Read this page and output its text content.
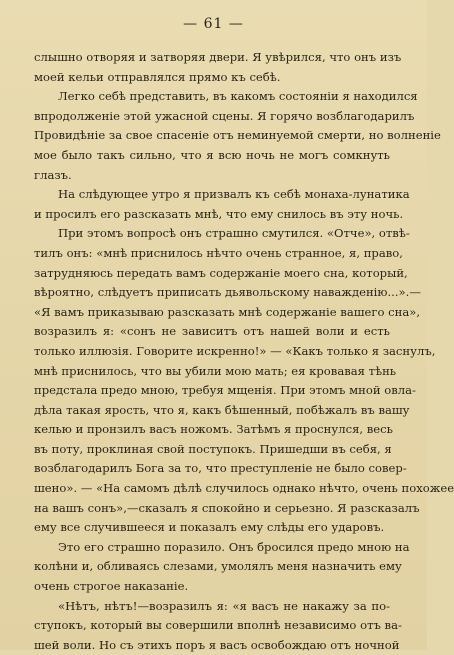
— 61 —
слышно отворяя и затворяя двери. Я увѣрился, что онъ изъ
моей кельи отправлялся прямо къ себѣ.
Легко себѣ представить, въ какомъ состояніи я находился
впродолженіе этой ужасной сцены. Я горячо возблагодарилъ
Провидѣніе за свое спасеніе отъ неминуемой смерти, но волненіе
мое было такъ сильно, что я всю ночь не могъ сомкнуть
глазъ.
На слѣдующее утро я призвалъ къ себѣ монаха-лунатика
и просилъ его разсказать мнѣ, что ему снилось въ эту ночь.
При этомъ вопросѣ онъ страшно смутился. «Отче», отвѣ-
тилъ онъ: «мнѣ приснилось нѣчто очень странное, я, право,
затрудняюсь передать вамъ содержаніе моего сна, который,
вѣроятно, слѣдуетъ приписать дьявольскому наважденію...».—
«Я вамъ приказываю разсказать мнѣ содержаніе вашего сна»,
возразилъ я: «сонъ не зависитъ отъ нашей воли и есть
только иллюзія. Говорите искренно!» — «Какъ только я заснулъ,
мнѣ приснилось, что вы убили мою мать; ея кровавая тѣнь
предстала предо мною, требуя мщенія. При этомъ мной овла-
дѣла такая ярость, что я, какъ бѣшенный, побѣжалъ въ вашу
келью и пронзилъ васъ ножомъ. Затѣмъ я проснулся, весь
въ поту, проклиная свой поступокъ. Пришедши въ себя, я
возблагодарилъ Бога за то, что преступленіе не было совер-
шено». — «На самомъ дѣлѣ случилось однако нѣчто, очень похожее
на вашъ сонъ»,—сказалъ я спокойно и серьезно. Я разсказалъ
ему все случившееся и показалъ ему слѣды его ударовъ.
Это его страшно поразило. Онъ бросился предо мною на
колѣни и, обливаясь слезами, умолялъ меня назначить ему
очень строгое наказаніе.
«Нѣтъ, нѣтъ!—возразилъ я: «я васъ не накажу за по-
ступокъ, который вы совершили вполнѣ независимо отъ ва-
шей воли. Но съ этихъ поръ я васъ освобождаю отъ ночной
